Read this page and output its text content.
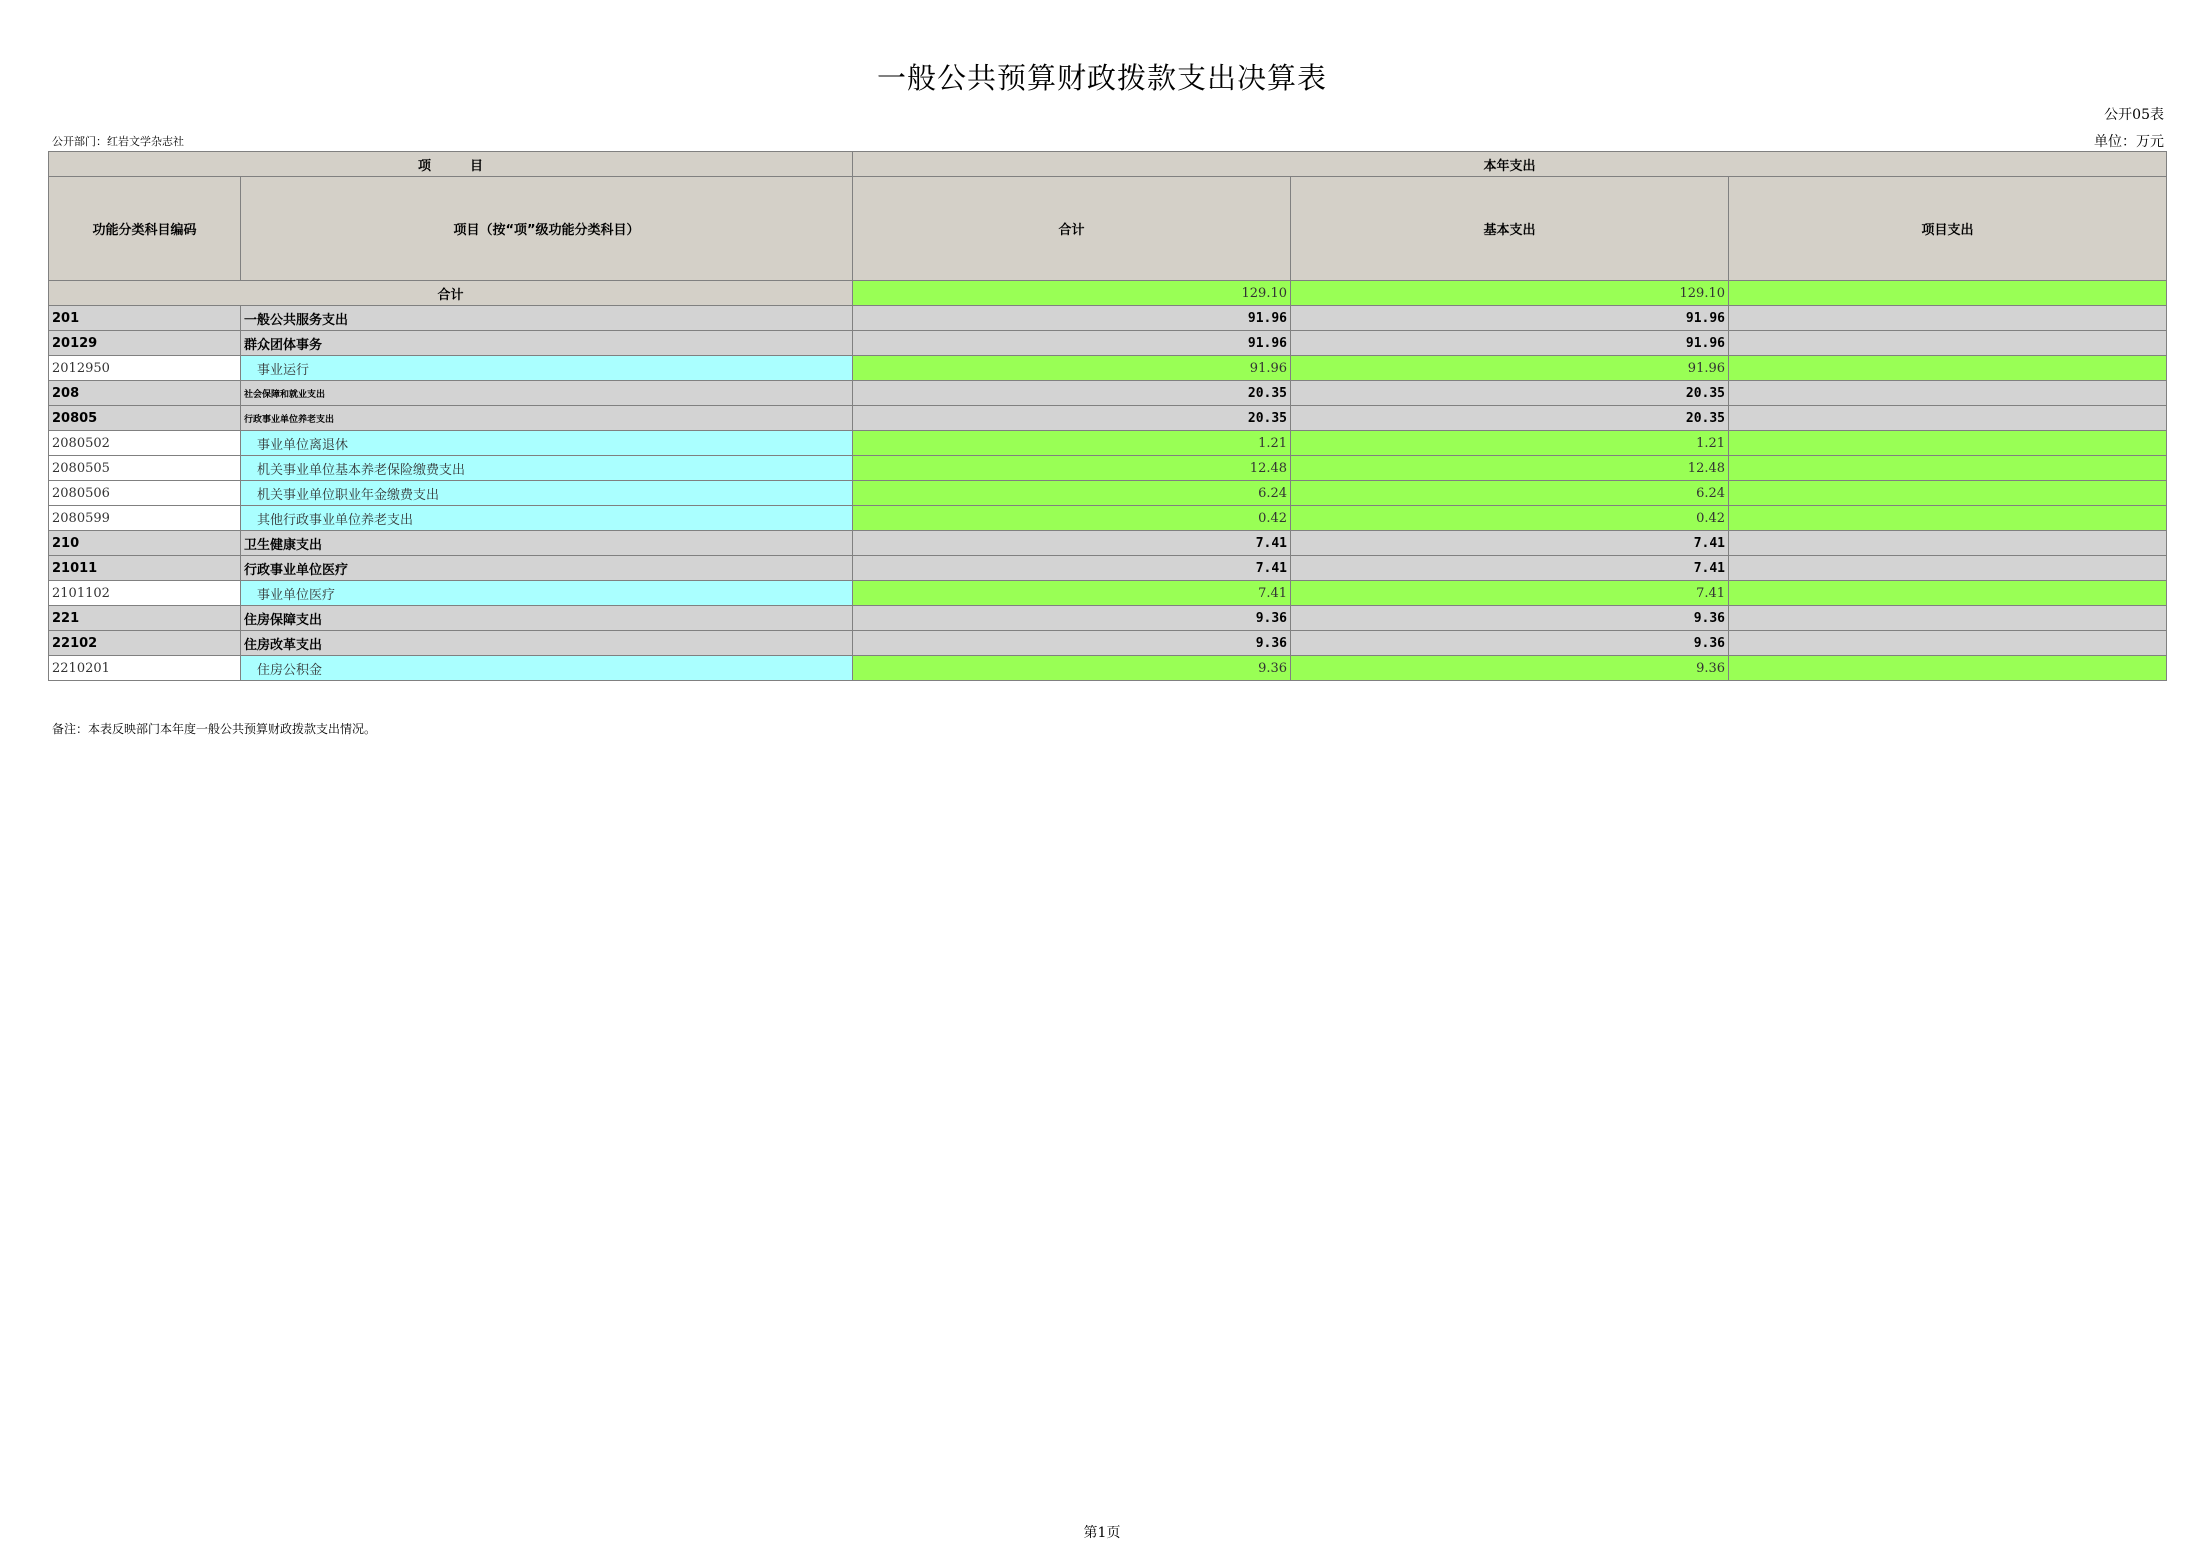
一般公共预算财政拨款支出决算表
公开05表
公开部门：红岩文学杂志社	单位：万元
项　　　目		本年支出		
功能分类科目编码	项目（按“项”级功能分类科目）	合计	基本支出	项目支出
合计		129.10	129.10	
201	一般公共服务支出	91.96	91.96	
20129	群众团体事务	91.96	91.96	
2012950	事业运行	91.96	91.96	
208	社会保障和就业支出	20.35	20.35	
20805	行政事业单位养老支出	20.35	20.35	
2080502	事业单位离退休	1.21	1.21	
2080505	机关事业单位基本养老保险缴费支出	12.48	12.48	
2080506	机关事业单位职业年金缴费支出	6.24	6.24	
2080599	其他行政事业单位养老支出	0.42	0.42	
210	卫生健康支出	7.41	7.41	
21011	行政事业单位医疗	7.41	7.41	
2101102	事业单位医疗	7.41	7.41	
221	住房保障支出	9.36	9.36	
22102	住房改革支出	9.36	9.36	
2210201	住房公积金	9.36	9.36	
备注：本表反映部门本年度一般公共预算财政拨款支出情况。
第1页
